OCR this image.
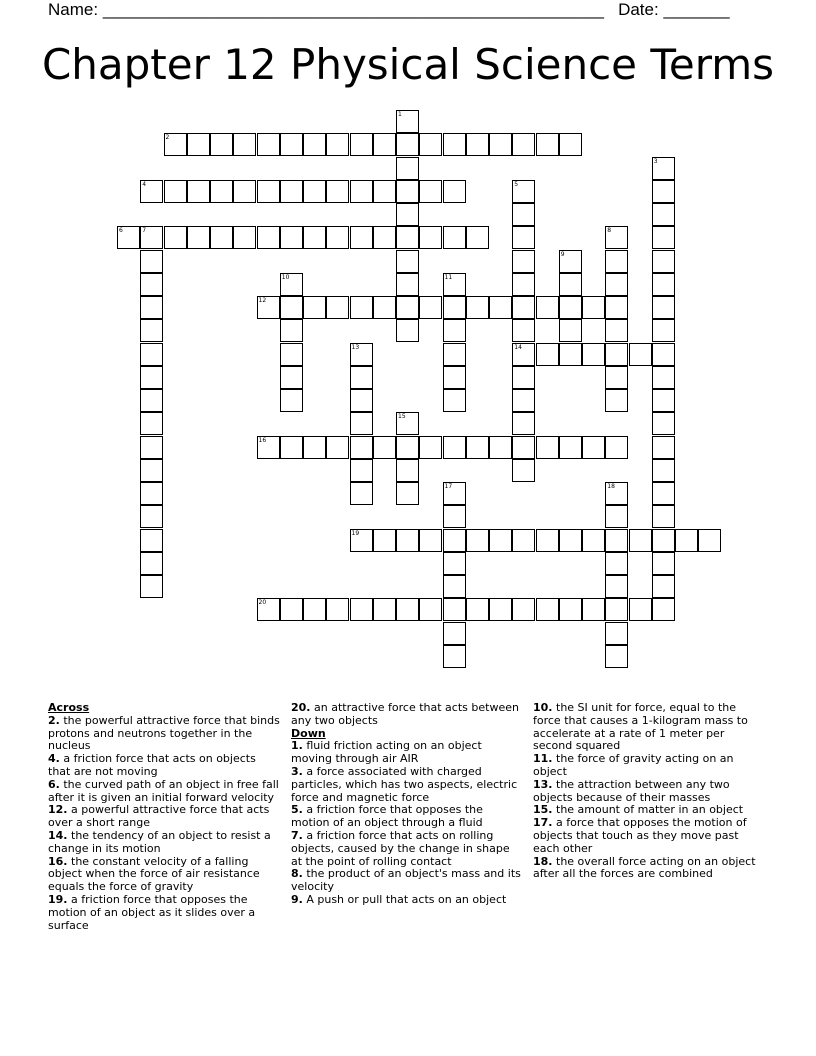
Name: _____________________________________________________ Date: _______
Chapter 12 Physical Science Terms
2
4
6	7
12
14
16
19
20
1
3
5
8
9
10	11
13
15
17	18

Across

2. the powerful attractive force that binds protons and neutrons together in the nucleus

4. a friction force that acts on objects that are not moving

6. the curved path of an object in free fall after it is given an initial forward velocity

12. a powerful attractive force that acts over a short range

14. the tendency of an object to resist a change in its motion

16. the constant velocity of a falling object when the force of air resistance equals the force of gravity

19. a friction force that opposes the motion of an object as it slides over a surface

20. an attractive force that acts between any two objects

Down

1. fluid friction acting on an object moving through air AIR

3. a force associated with charged particles, which has two aspects, electric force and magnetic force

5. a friction force that opposes the motion of an object through a fluid

7. a friction force that acts on rolling objects, caused by the change in shape at the point of rolling contact

8. the product of an object's mass and its velocity

9. A push or pull that acts on an object

10. the SI unit for force, equal to the force that causes a 1-kilogram mass to accelerate at a rate of 1 meter per second squared

11. the force of gravity acting on an object

13. the attraction between any two objects because of their masses

15. the amount of matter in an object

17. a force that opposes the motion of objects that touch as they move past each other

18. the overall force acting on an object after all the forces are combined
